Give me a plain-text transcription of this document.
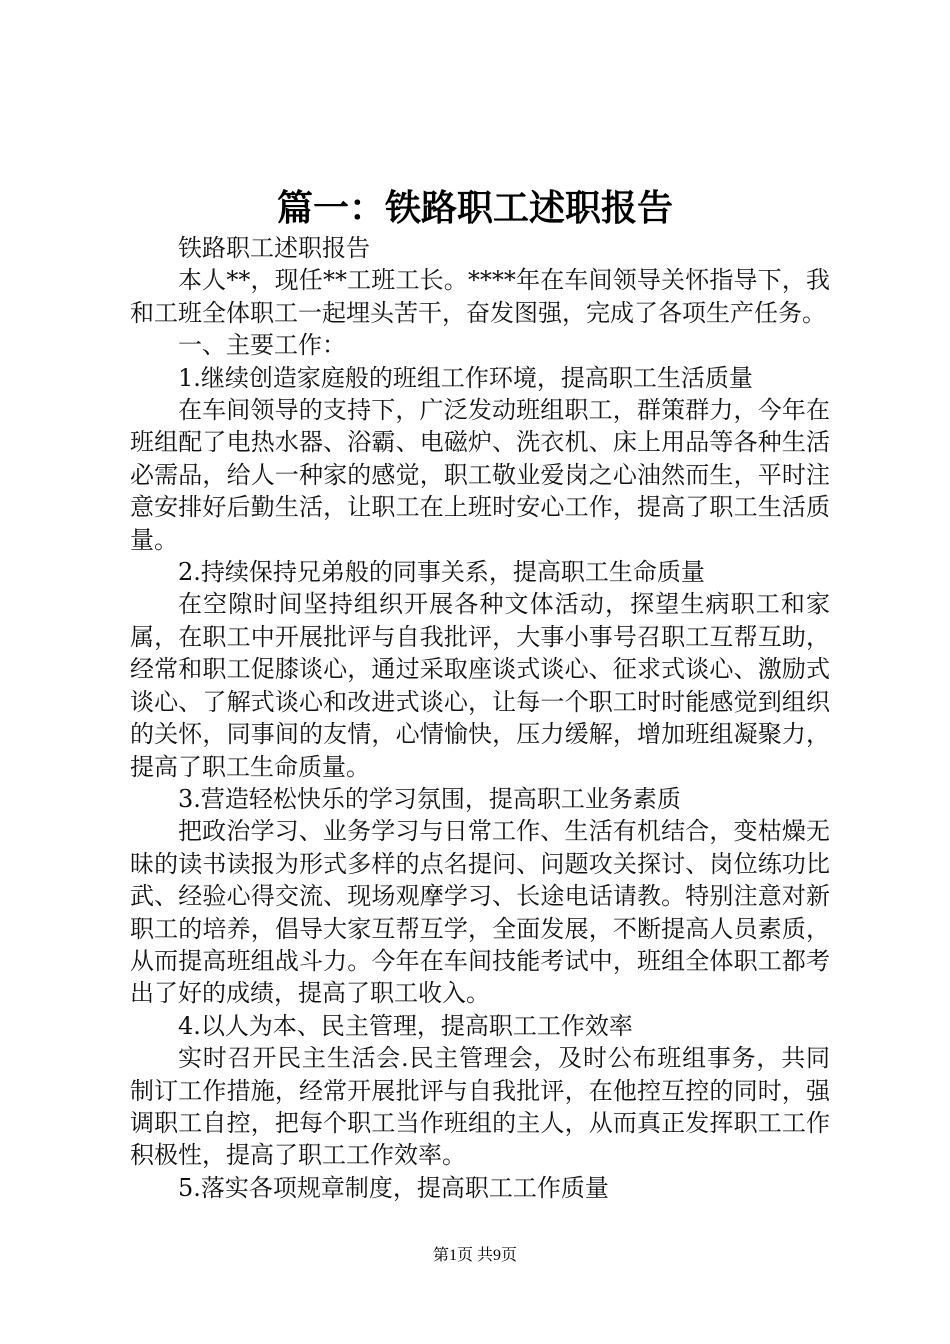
篇一：铁路职工述职报告

铁路职工述职报告

本人**，现任**工班工长。****年在车间领导关怀指导下，我和工班全体职工一起埋头苦干，奋发图强，完成了各项生产任务。

一、主要工作：

1.继续创造家庭般的班组工作环境，提高职工生活质量

在车间领导的支持下，广泛发动班组职工，群策群力，今年在班组配了电热水器、浴霸、电磁炉、洗衣机、床上用品等各种生活必需品，给人一种家的感觉，职工敬业爱岗之心油然而生，平时注意安排好后勤生活，让职工在上班时安心工作，提高了职工生活质量。

2.持续保持兄弟般的同事关系，提高职工生命质量

在空隙时间坚持组织开展各种文体活动，探望生病职工和家属，在职工中开展批评与自我批评，大事小事号召职工互帮互助，经常和职工促膝谈心，通过采取座谈式谈心、征求式谈心、激励式谈心、了解式谈心和改进式谈心，让每一个职工时时能感觉到组织的关怀，同事间的友情，心情愉快，压力缓解，增加班组凝聚力，提高了职工生命质量。

3.营造轻松快乐的学习氛围，提高职工业务素质

把政治学习、业务学习与日常工作、生活有机结合，变枯燥无昧的读书读报为形式多样的点名提问、问题攻关探讨、岗位练功比武、经验心得交流、现场观摩学习、长途电话请教。特别注意对新职工的培养，倡导大家互帮互学，全面发展，不断提高人员素质，从而提高班组战斗力。今年在车间技能考试中，班组全体职工都考出了好的成绩，提高了职工收入。

4.以人为本、民主管理，提高职工工作效率

实时召开民主生活会.民主管理会，及时公布班组事务，共同制订工作措施，经常开展批评与自我批评，在他控互控的同时，强调职工自控，把每个职工当作班组的主人，从而真正发挥职工工作积极性，提高了职工工作效率。

5.落实各项规章制度，提高职工工作质量

第1页 共9页
